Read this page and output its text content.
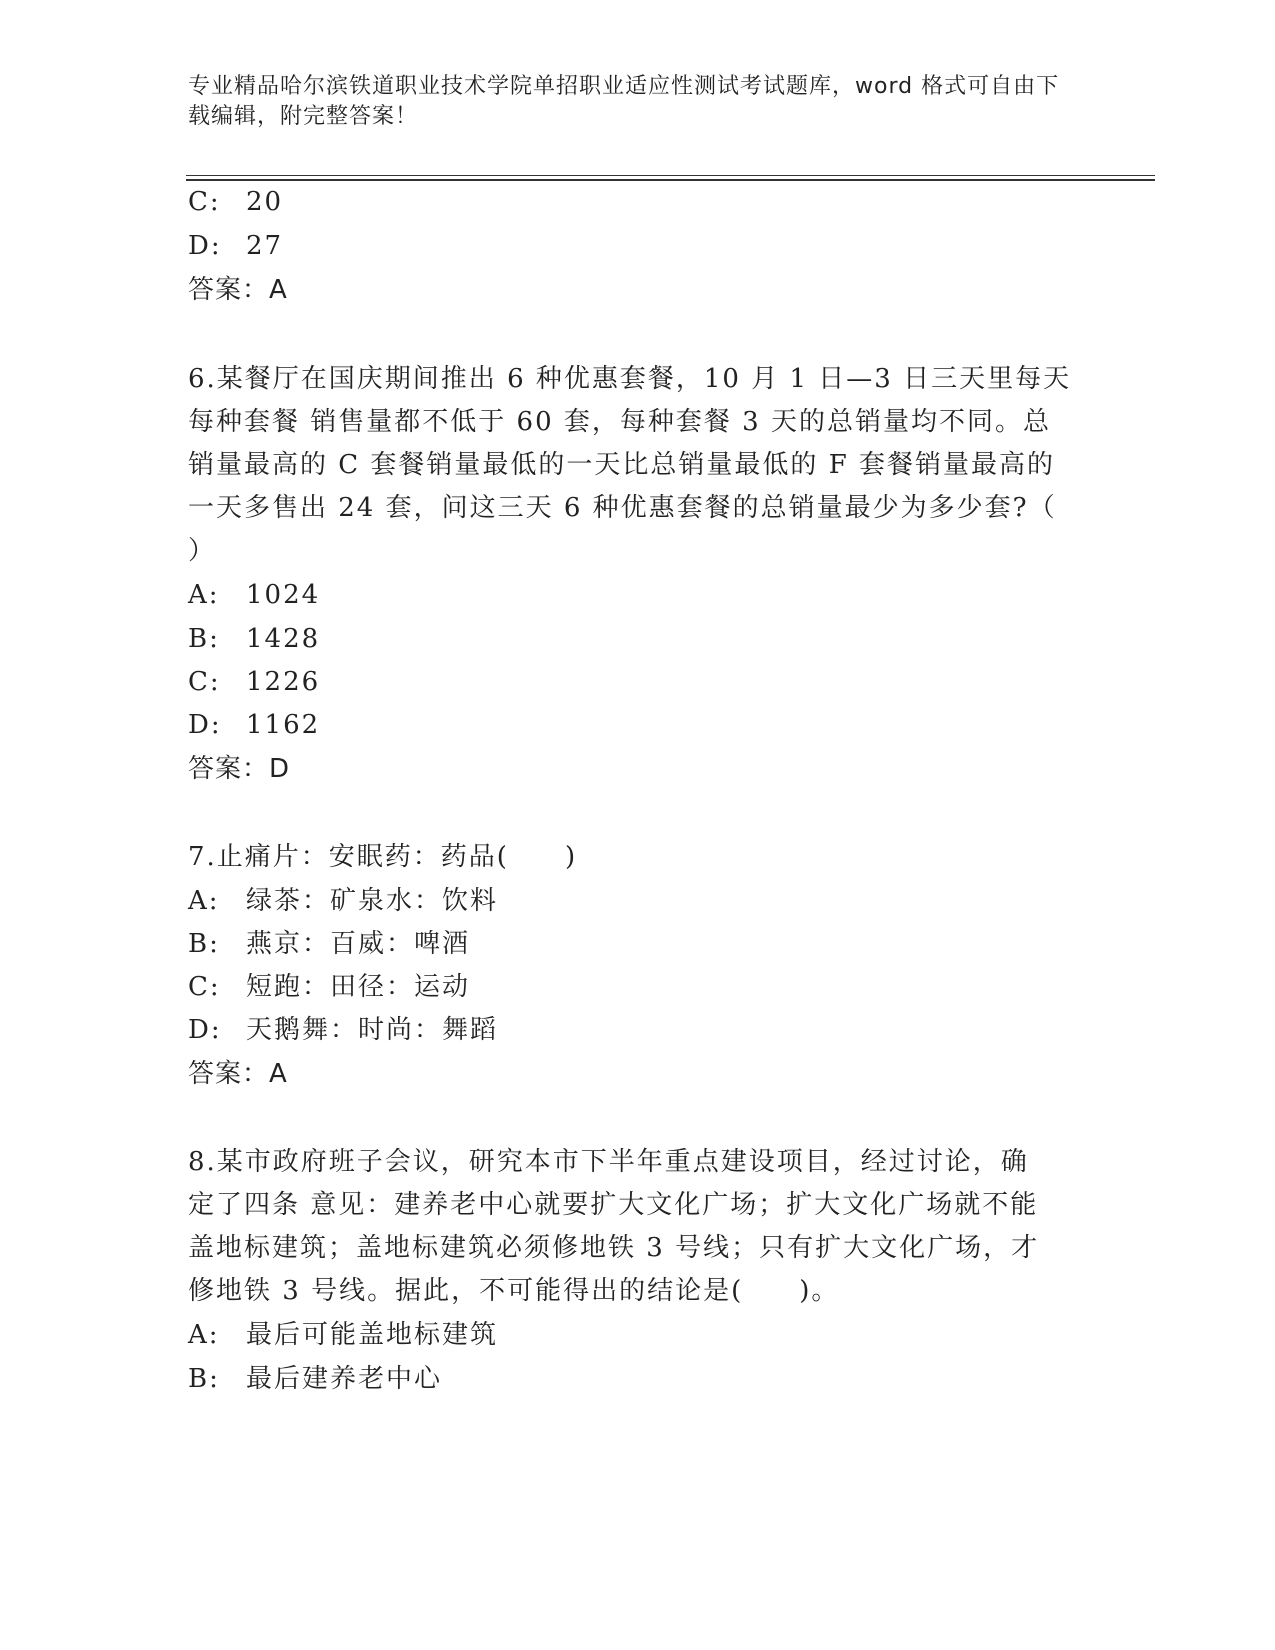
专业精品哈尔滨铁道职业技术学院单招职业适应性测试考试题库，word 格式可自由下载编辑，附完整答案！
C: 20
D: 27
答案：A
6.某餐厅在国庆期间推出 6 种优惠套餐，10 月 1 日—3 日三天里每天
每种套餐 销售量都不低于 60 套，每种套餐 3 天的总销量均不同。总
销量最高的 C 套餐销量最低的一天比总销量最低的 F 套餐销量最高的
一天多售出 24 套，问这三天 6 种优惠套餐的总销量最少为多少套?（
）
A: 1024
B: 1428
C: 1226
D: 1162
答案：D
7.止痛片：安眠药：药品(　　)
A: 绿茶：矿泉水：饮料
B: 燕京：百威：啤酒
C: 短跑：田径：运动
D: 天鹅舞：时尚：舞蹈
答案：A
8.某市政府班子会议，研究本市下半年重点建设项目，经过讨论，确
定了四条 意见：建养老中心就要扩大文化广场；扩大文化广场就不能
盖地标建筑；盖地标建筑必须修地铁 3 号线；只有扩大文化广场，才
修地铁 3 号线。据此，不可能得出的结论是(　　)。
A: 最后可能盖地标建筑
B: 最后建养老中心
